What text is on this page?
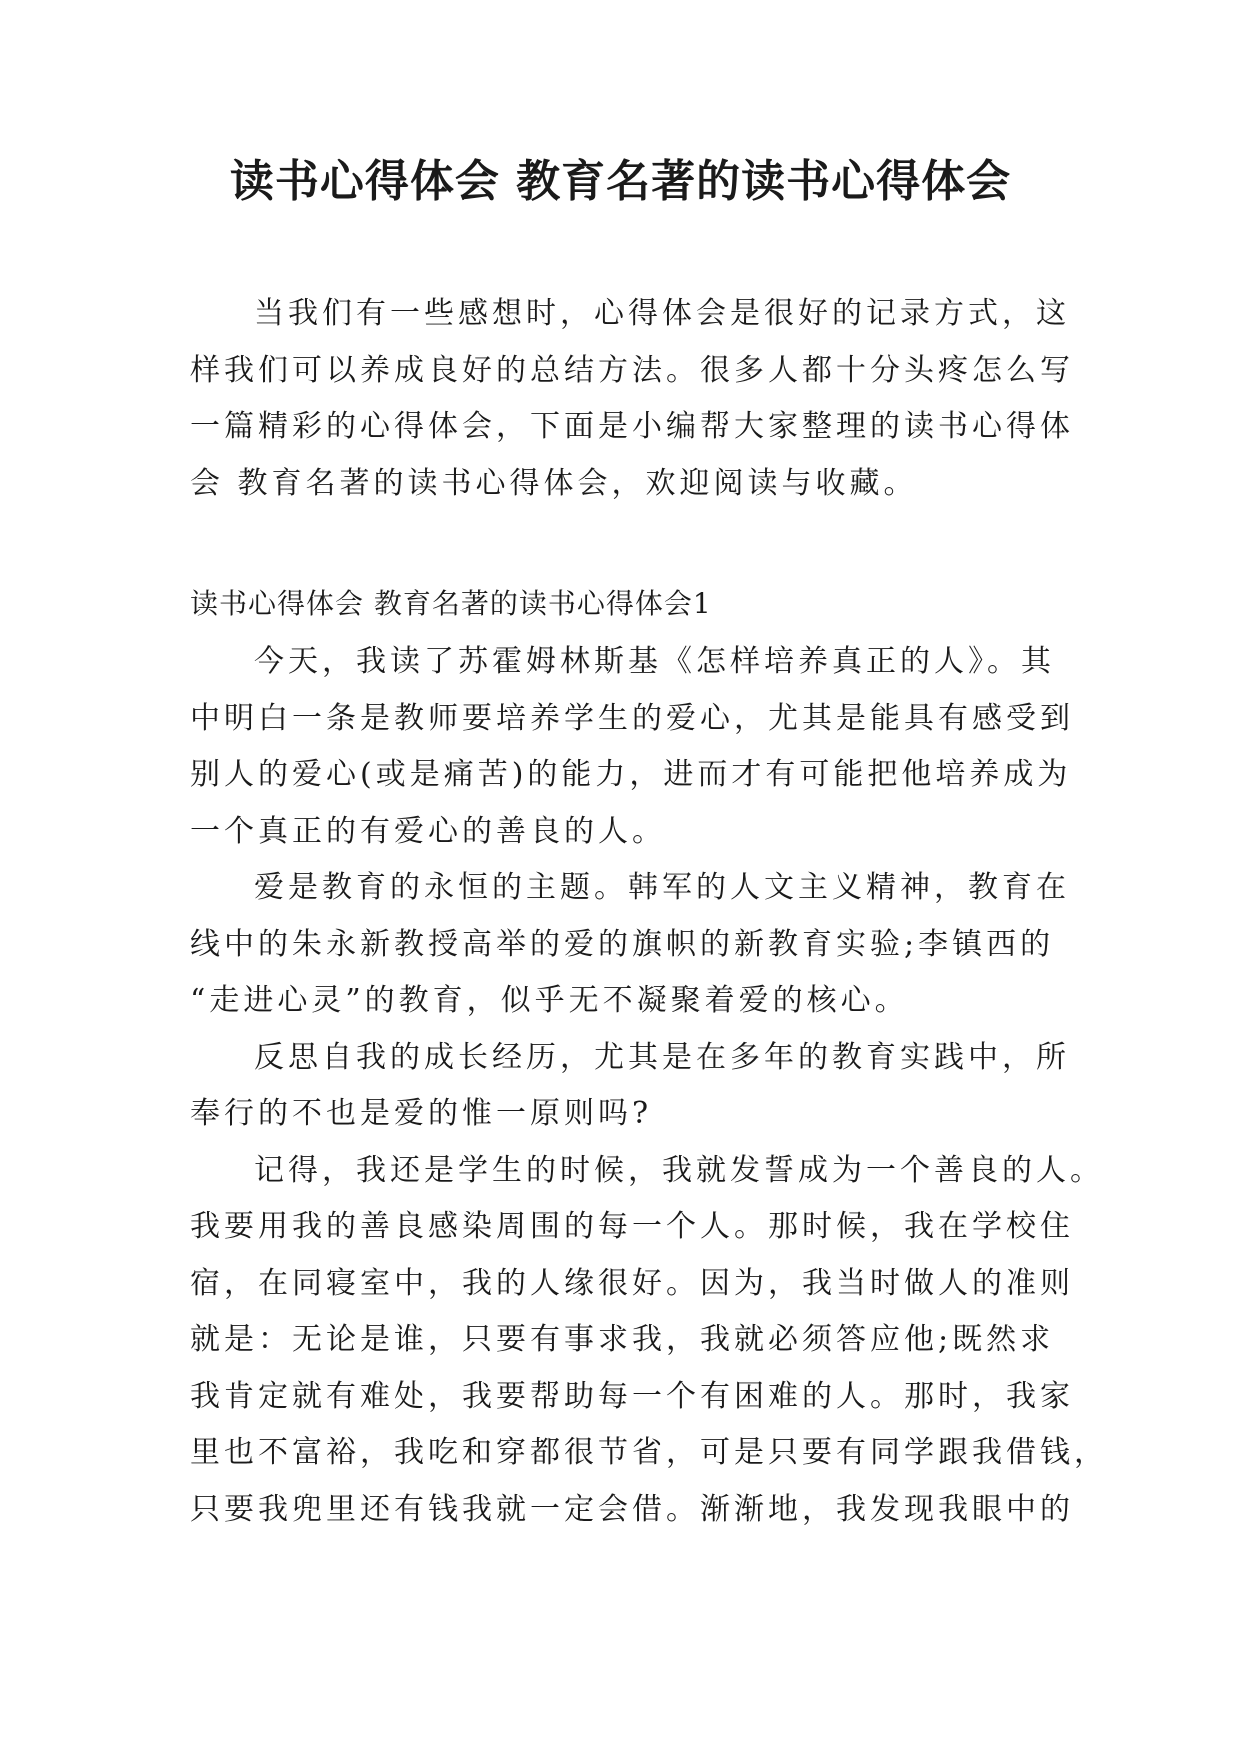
读书心得体会 教育名著的读书心得体会
当我们有一些感想时，心得体会是很好的记录方式，这
样我们可以养成良好的总结方法。很多人都十分头疼怎么写
一篇精彩的心得体会，下面是小编帮大家整理的读书心得体
会 教育名著的读书心得体会，欢迎阅读与收藏。
读书心得体会 教育名著的读书心得体会1
今天，我读了苏霍姆林斯基《怎样培养真正的人》。其
中明白一条是教师要培养学生的爱心，尤其是能具有感受到
别人的爱心(或是痛苦)的能力，进而才有可能把他培养成为
一个真正的有爱心的善良的人。
爱是教育的永恒的主题。韩军的人文主义精神，教育在
线中的朱永新教授高举的爱的旗帜的新教育实验;李镇西的
“走进心灵”的教育，似乎无不凝聚着爱的核心。
反思自我的成长经历，尤其是在多年的教育实践中，所
奉行的不也是爱的惟一原则吗?
记得，我还是学生的时候，我就发誓成为一个善良的人。
我要用我的善良感染周围的每一个人。那时候，我在学校住
宿，在同寝室中，我的人缘很好。因为，我当时做人的准则
就是：无论是谁，只要有事求我，我就必须答应他;既然求
我肯定就有难处，我要帮助每一个有困难的人。那时，我家
里也不富裕，我吃和穿都很节省，可是只要有同学跟我借钱，
只要我兜里还有钱我就一定会借。渐渐地，我发现我眼中的
